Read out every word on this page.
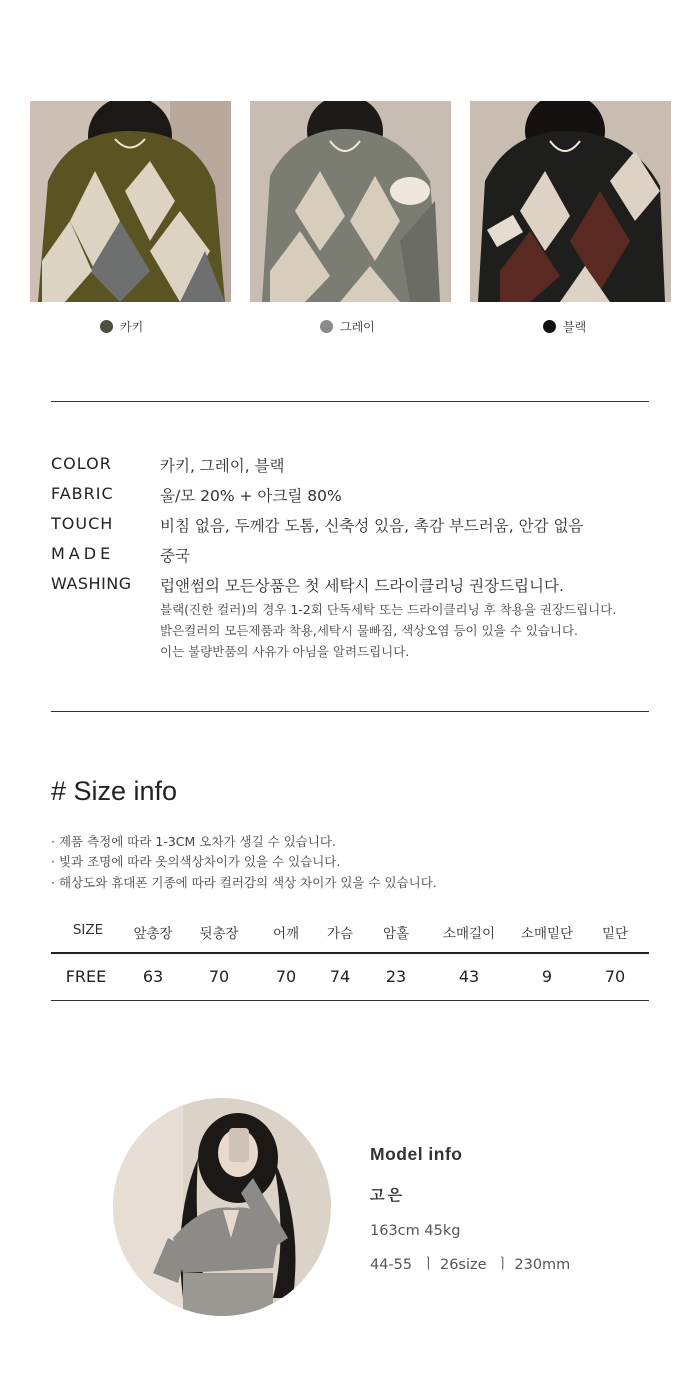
카키	그레이	블랙
COLOR	카키, 그레이, 블랙
FABRIC	울/모 20% + 아크릴 80%
TOUCH	비침 없음, 두께감 도톰, 신축성 있음, 촉감 부드러움, 안감 없음
MADE	중국
WASHING 럽앤썸의 모든상품은 첫 세탁시 드라이클리닝 권장드립니다.
블랙(진한 컬러)의 경우 1-2회 단독세탁 또는 드라이클리닝 후 착용을 권장드립니다.
밝은컬러의 모든제품과 착용,세탁시 물빠짐, 색상오염 등이 있을 수 있습니다.
이는 불량반품의 사유가 아님을 알려드립니다.
# Size info
· 제품 측정에 따라 1-3CM 오차가 생길 수 있습니다.
· 빛과 조명에 따라 옷의색상차이가 있을 수 있습니다.
· 해상도와 휴대폰 기종에 따라 컬러감의 색상 차이가 있을 수 있습니다.
SIZE 앞총장 뒷총장	어깨 가슴 암홀	소매길이 소매밑단 밑단
FREE 63	70	70 74 23	43	9	70
Model info
고은
163cm 45kg
44-55  ㅣ 26size  ㅣ 230mm
